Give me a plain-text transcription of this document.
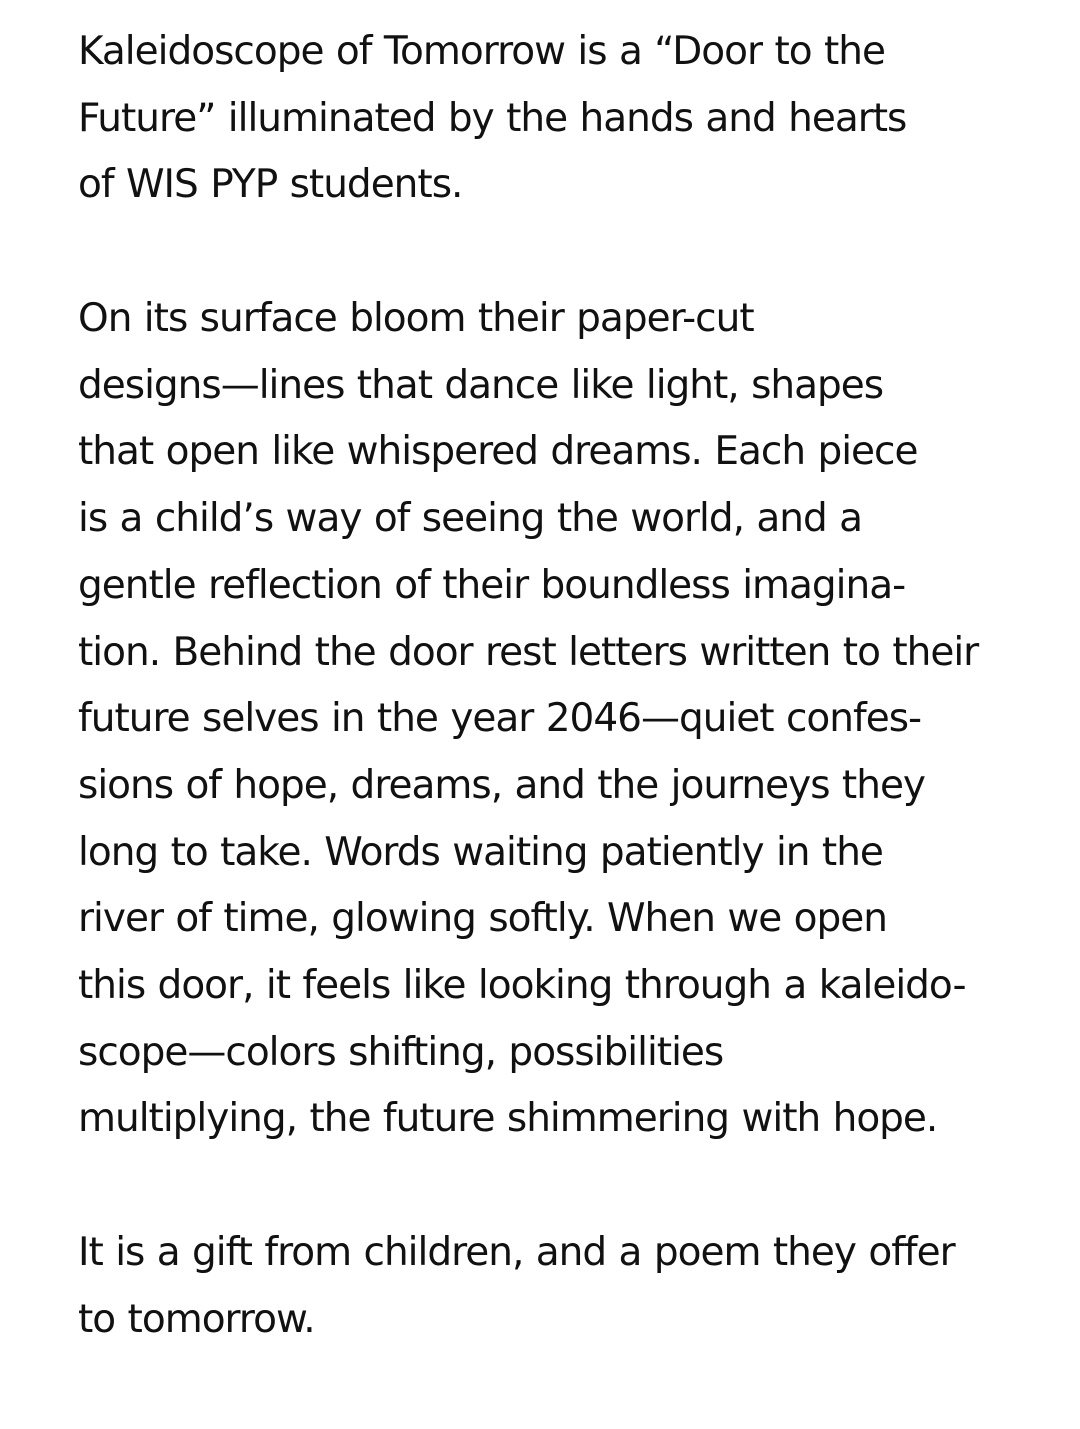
Kaleidoscope of Tomorrow is a “Door to the
Future” illuminated by the hands and hearts
of WIS PYP students.

On its surface bloom their paper-cut
designs—lines that dance like light, shapes
that open like whispered dreams. Each piece
is a child’s way of seeing the world, and a
gentle reflection of their boundless imagina-
tion. Behind the door rest letters written to their
future selves in the year 2046—quiet confes-
sions of hope, dreams, and the journeys they
long to take. Words waiting patiently in the
river of time, glowing softly. When we open
this door, it feels like looking through a kaleido-
scope—colors shifting, possibilities
multiplying, the future shimmering with hope.

It is a gift from children, and a poem they offer
to tomorrow.
